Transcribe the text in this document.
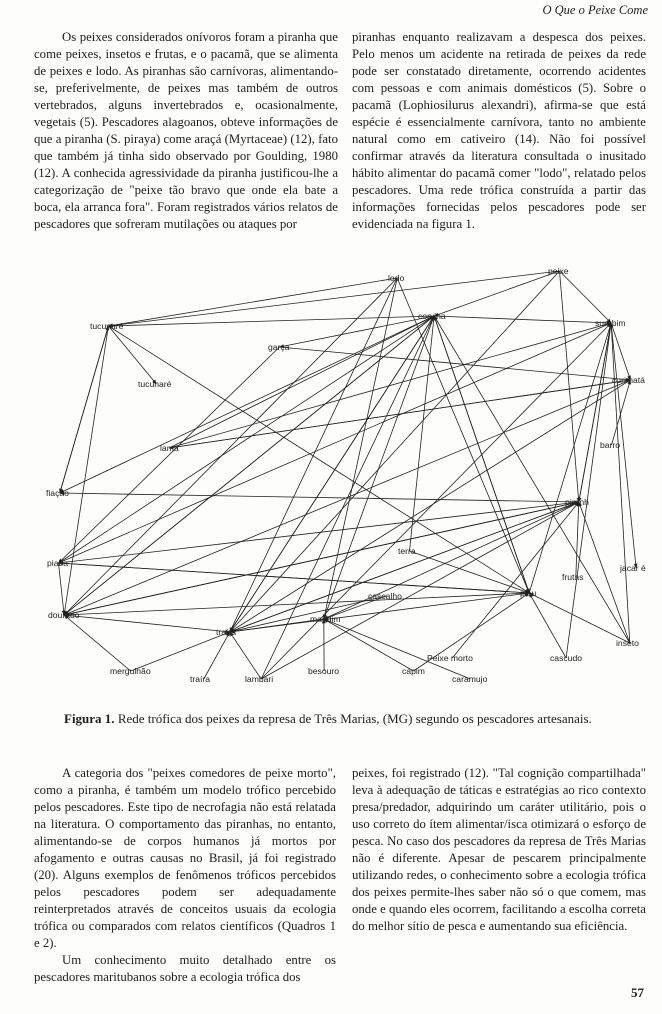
O Que o Peixe Come

Os peixes considerados onívoros foram a piranha que come peixes, insetos e frutas, e o pacamã, que se alimenta de peixes e lodo. As piranhas são carnívoras, alimentando-se, preferivelmente, de peixes mas também de outros vertebrados, alguns invertebrados e, ocasionalmente, vegetais (5). Pescadores alagoanos, obteve informações de que a piranha (S. piraya) come araçá (Myrtaceae) (12), fato que também já tinha sido observado por Goulding, 1980 (12). A conhecida agressividade da piranha justificou-lhe a categorização de "peixe tão bravo que onde ela bate a boca, ela arranca fora". Foram registrados vários relatos de pescadores que sofreram mutilações ou ataques por

piranhas enquanto realizavam a despesca dos peixes. Pelo menos um acidente na retirada de peixes da rede pode ser constatado diretamente, ocorrendo acidentes com pessoas e com animais domésticos (5). Sobre o pacamã (Lophiosilurus alexandri), afirma-se que está espécie é essencialmente carnívora, tanto no ambiente natural como em cativeiro (14). Não foi possível confirmar através da literatura consultada o inusitado hábito alimentar do pacamã comer "lodo", relatado pelos pescadores. Uma rede trófica construída a partir das informações fornecidas pelos pescadores pode ser evidenciada na figura 1.

lodo
peixe
corvina
tucunaré	surubim
garça
curimatá
tucunaré
lama	barro
fiação
piranh
terra
piaba	jacar é
frutas
piau
cascalho
dourado	mandim
traíra
inseto
Peixe morto	cascudo
mergulhão	besouro	capim
traíra	lambari	caramujo
Figura 1. Rede trófica dos peixes da represa de Três Marias, (MG) segundo os pescadores artesanais.

A categoria dos "peixes comedores de peixe morto", como a piranha, é também um modelo trófico percebido pelos pescadores. Este tipo de necrofagia não está relatada na literatura. O comportamento das piranhas, no entanto, alimentando-se de corpos humanos já mortos por afogamento e outras causas no Brasil, já foi registrado (20). Alguns exemplos de fenômenos tróficos percebidos pelos pescadores podem ser adequadamente reinterpretados através de conceitos usuais da ecologia trófica ou comparados com relatos científicos (Quadros 1 e 2).

Um conhecimento muito detalhado entre os pescadores maritubanos sobre a ecologia trófica dos

peixes, foi registrado (12). "Tal cognição compartilhada" leva à adequação de táticas e estratégias ao rico contexto presa/predador, adquirindo um caráter utilitário, pois o uso correto do ítem alimentar/isca otimizará o esforço de pesca. No caso dos pescadores da represa de Três Marias não é diferente. Apesar de pescarem principalmente utilizando redes, o conhecimento sobre a ecologia trófica dos peixes permite-lhes saber não só o que comem, mas onde e quando eles ocorrem, facilitando a escolha correta do melhor sítio de pesca e aumentando sua eficiência.

57
